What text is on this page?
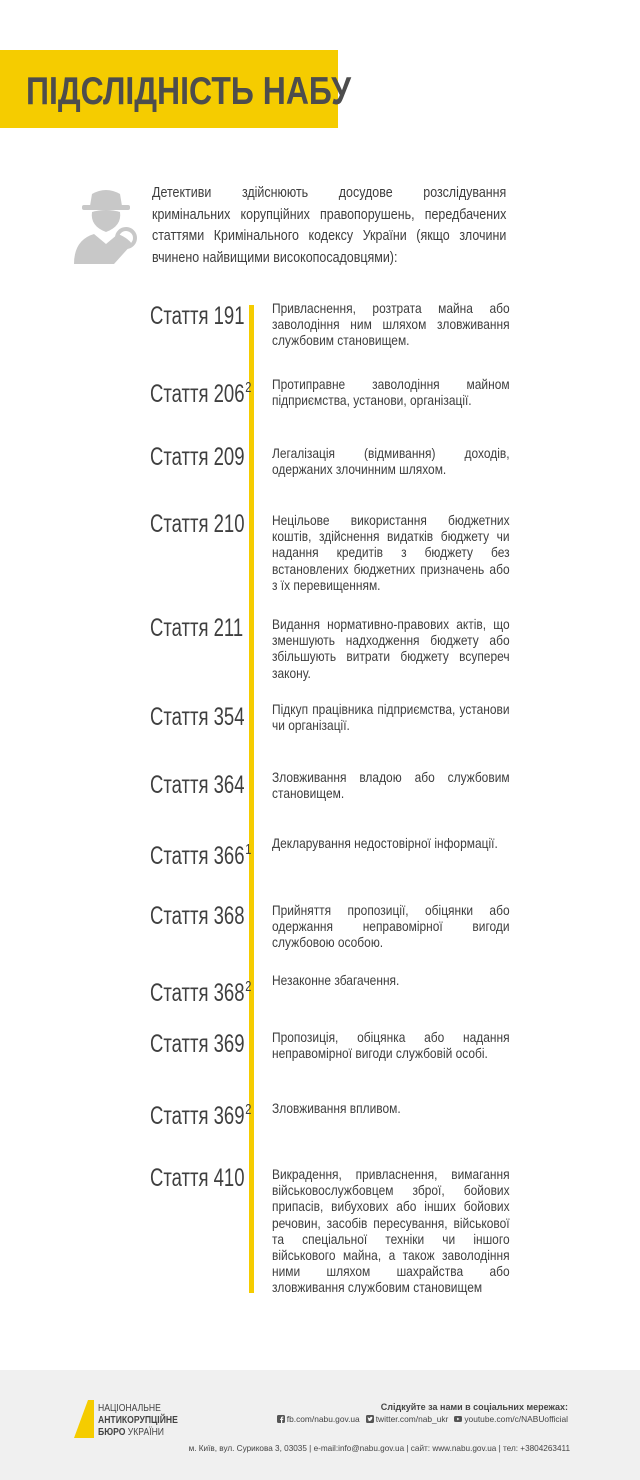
ПІДСЛІДНІСТЬ НАБУ
Детективи здійснюють досудове розслідування кримінальних корупційних правопорушень, передбачених статтями Кримінального кодексу України (якщо злочини вчинено найвищими високопосадовцями):
Стаття 191 Привласнення, розтрата майна або заволодіння ним шляхом зловживання службовим становищем.
Стаття $206^2$ Протиправне заволодіння майном підприємства, установи, організації.
Стаття 209 Легалізація (відмивання) доходів, одержаних злочинним шляхом.
Стаття 210 Нецільове використання бюджетних коштів, здійснення видатків бюджету чи надання кредитів з бюджету без встановлених бюджетних призначень або з їх перевищенням.
Стаття 211 Видання нормативно-правових актів, що зменшують надходження бюджету або збільшують витрати бюджету всупереч закону.
Стаття 354 Підкуп працівника підприємства, установи чи організації.
Стаття 364 Зловживання владою або службовим становищем.
Стаття $366^1$ Декларування недостовірної інформації.
Стаття 368 Прийняття пропозиції, обіцянки або одержання неправомірної вигоди службовою особою.
Стаття $368^2$ Незаконне збагачення.
Стаття 369 Пропозиція, обіцянка або надання неправомірної вигоди службовій особі.
Стаття $369^2$ Зловживання впливом.
Стаття 410 Викрадення, привласнення, вимагання військовослужбовцем зброї, бойових припасів, вибухових або інших бойових речовин, засобів пересування, військової та спеціальної техніки чи іншого військового майна, а також заволодіння ними шляхом шахрайства або зловживання службовим становищем
НАЦІОНАЛЬНЕ
АНТИКОРУПЦІЙНЕ
БЮРО УКРАЇНИ
Слідкуйте за нами в соціальних мережах:
fb.com/nabu.gov.ua twitter.com/nab_ukr youtube.com/c/NABUofficial
м. Київ, вул. Сурикова 3, 03035 | e-mail:info@nabu.gov.ua | сайт: www.nabu.gov.ua | тел: +3804263411
